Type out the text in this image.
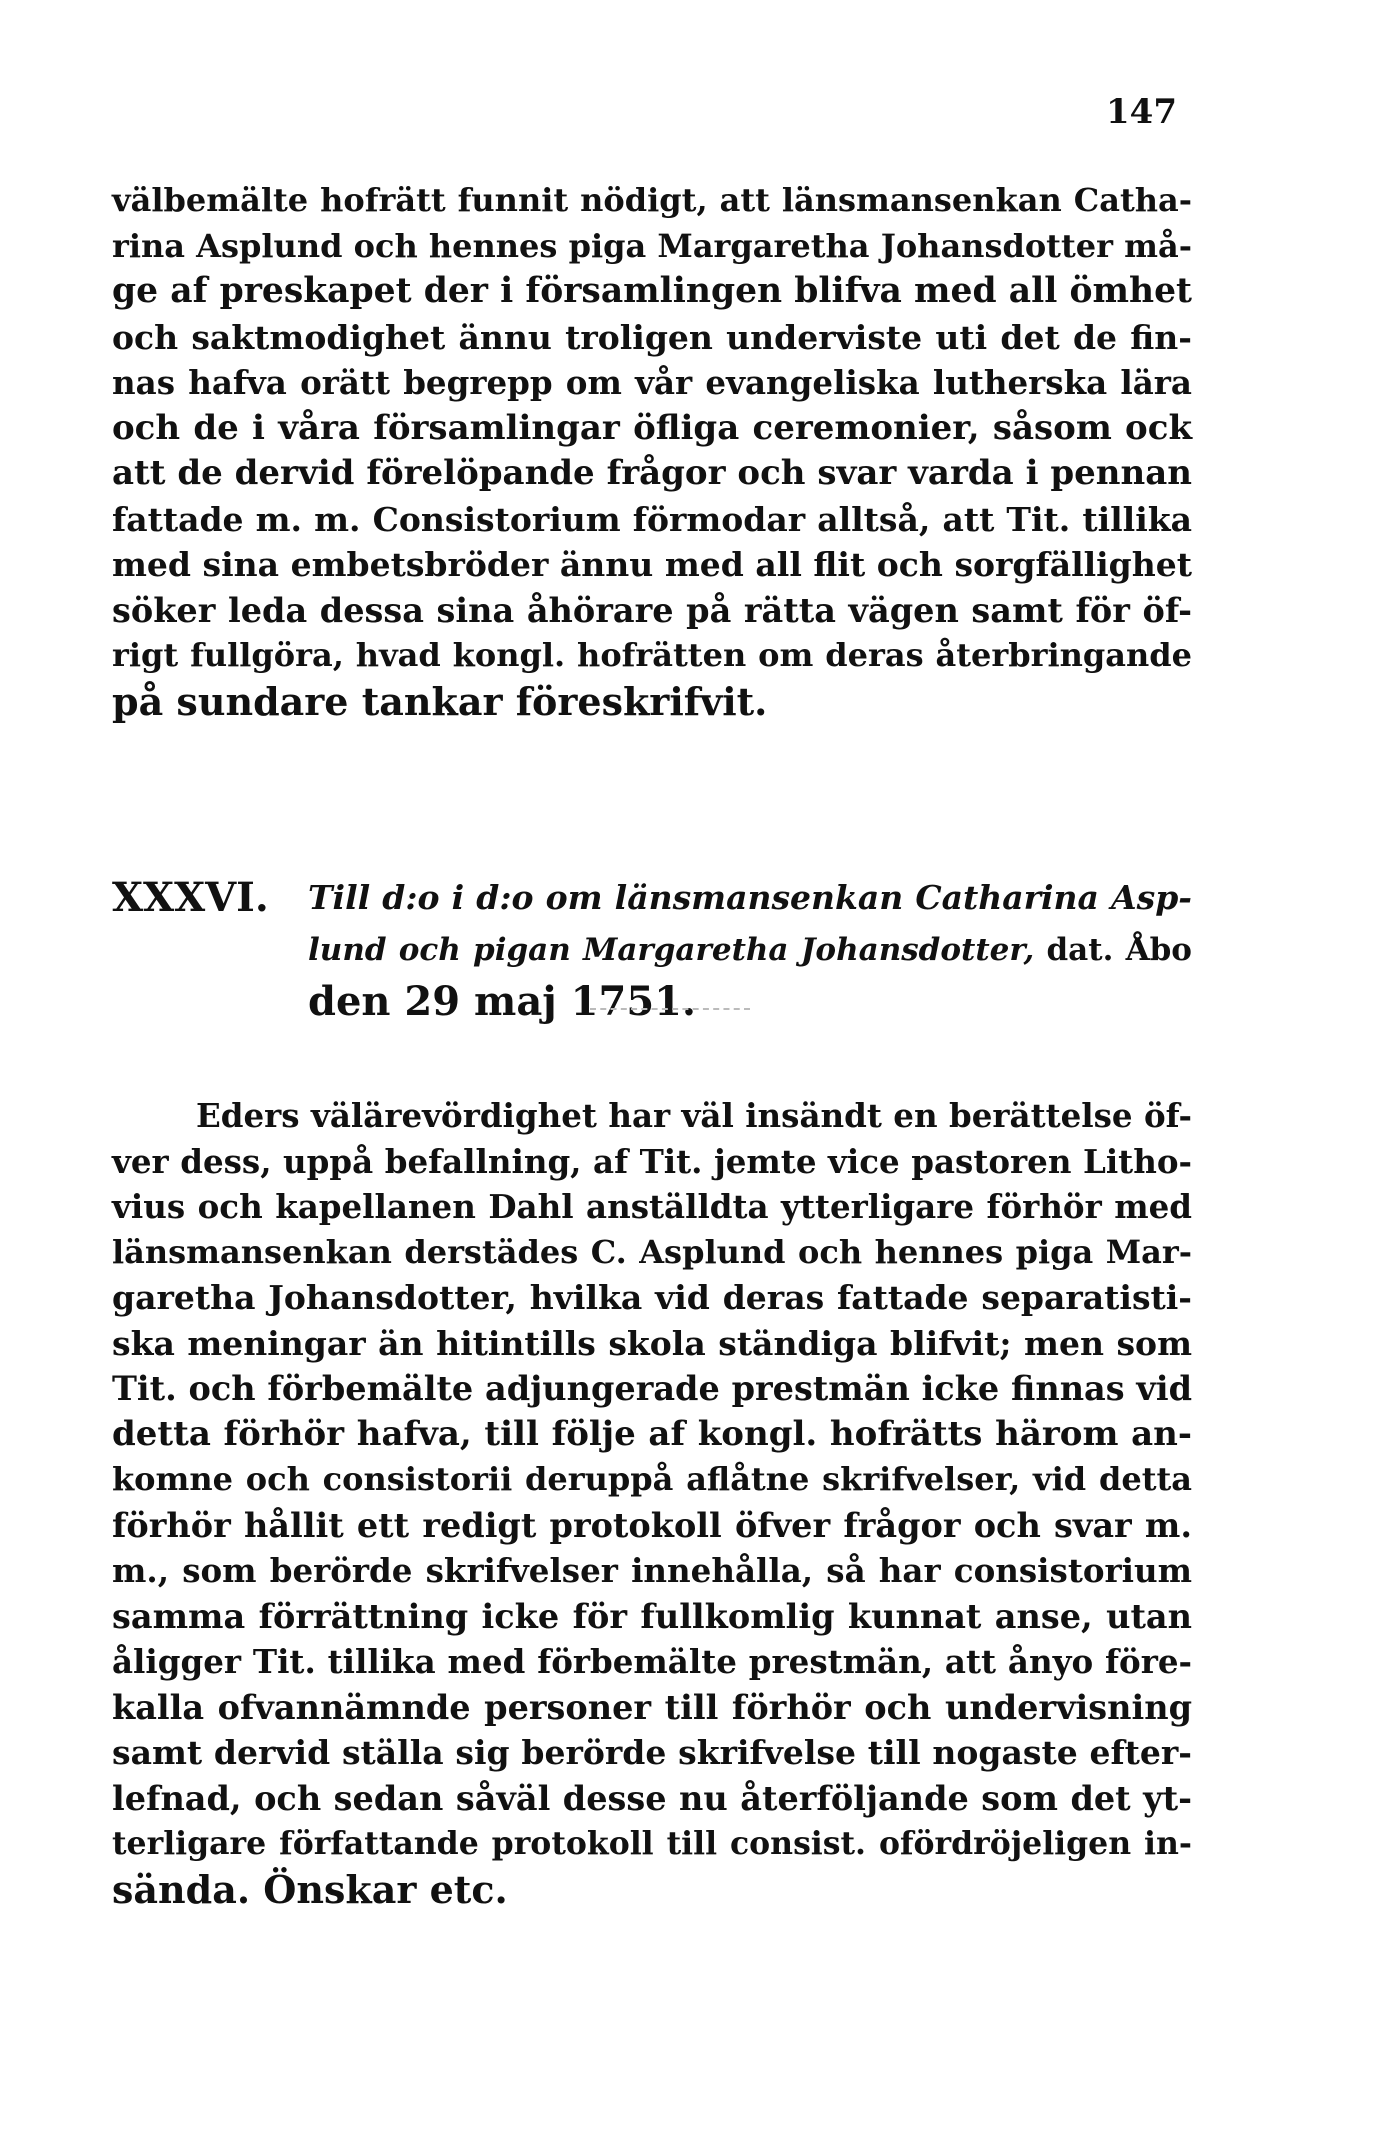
147
välbemälte hofrätt funnit nödigt, att länsmansenkan Catha-
rina Asplund och hennes piga Margaretha Johansdotter må-
ge af preskapet der i församlingen blifva med all ömhet
och saktmodighet ännu troligen underviste uti det de fin-
nas hafva orätt begrepp om vår evangeliska lutherska lära
och de i våra församlingar öfliga ceremonier, såsom ock
att de dervid förelöpande frågor och svar varda i pennan
fattade m. m. Consistorium förmodar alltså, att Tit. tillika
med sina embetsbröder ännu med all flit och sorgfällighet
söker leda dessa sina åhörare på rätta vägen samt för öf-
rigt fullgöra, hvad kongl. hofrätten om deras återbringande
på sundare tankar föreskrifvit.
XXXVI. Till d:o i d:o om länsmansenkan Catharina Asp-
lund och pigan Margaretha Johansdotter, dat. Åbo
den 29 maj 1751.
Eders välärevördighet har väl insändt en berättelse öf-
ver dess, uppå befallning, af Tit. jemte vice pastoren Litho-
vius och kapellanen Dahl anställdta ytterligare förhör med
länsmansenkan derstädes C. Asplund och hennes piga Mar-
garetha Johansdotter, hvilka vid deras fattade separatisti-
ska meningar än hitintills skola ständiga blifvit; men som
Tit. och förbemälte adjungerade prestmän icke finnas vid
detta förhör hafva, till följe af kongl. hofrätts härom an-
komne och consistorii deruppå aflåtne skrifvelser, vid detta
förhör hållit ett redigt protokoll öfver frågor och svar m.
m., som berörde skrifvelser innehålla, så har consistorium
samma förrättning icke för fullkomlig kunnat anse, utan
åligger Tit. tillika med förbemälte prestmän, att ånyo före-
kalla ofvannämnde personer till förhör och undervisning
samt dervid ställa sig berörde skrifvelse till nogaste efter-
lefnad, och sedan såväl desse nu återföljande som det yt-
terligare författande protokoll till consist. ofördröjeligen in-
sända. Önskar etc.
